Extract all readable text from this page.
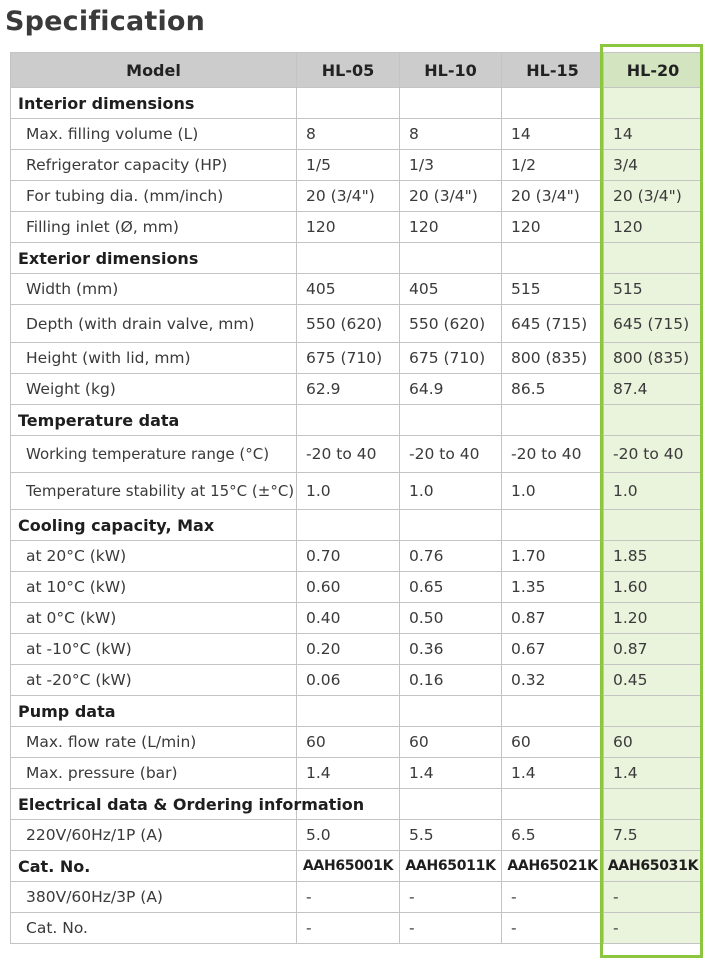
Specification
Model	HL-05	HL-10	HL-15	HL-20
Interior dimensions				
Max. filling volume (L)	8	8	14	14
Refrigerator capacity (HP)	1/5	1/3	1/2	3/4
For tubing dia. (mm/inch)	20 (3/4")	20 (3/4")	20 (3/4")	20 (3/4")
Filling inlet (Ø, mm)	120	120	120	120
Exterior dimensions				
Width (mm)	405	405	515	515
Depth (with drain valve, mm)	550 (620)	550 (620)	645 (715)	645 (715)
Height (with lid, mm)	675 (710)	675 (710)	800 (835)	800 (835)
Weight (kg)	62.9	64.9	86.5	87.4
Temperature data				
Working temperature range (°C)	-20 to 40	-20 to 40	-20 to 40	-20 to 40
Temperature stability at 15°C (±°C)	1.0	1.0	1.0	1.0
Cooling capacity, Max				
at 20°C (kW)	0.70	0.76	1.70	1.85
at 10°C (kW)	0.60	0.65	1.35	1.60
at 0°C (kW)	0.40	0.50	0.87	1.20
at -10°C (kW)	0.20	0.36	0.67	0.87
at -20°C (kW)	0.06	0.16	0.32	0.45
Pump data				
Max. flow rate (L/min)	60	60	60	60
Max. pressure (bar)	1.4	1.4	1.4	1.4
Electrical data & Ordering information				
220V/60Hz/1P (A)	5.0	5.5	6.5	7.5
Cat. No.	AAH65001K	AAH65011K	AAH65021K	AAH65031K
380V/60Hz/3P (A)	-	-	-	-
Cat. No.	-	-	-	-
